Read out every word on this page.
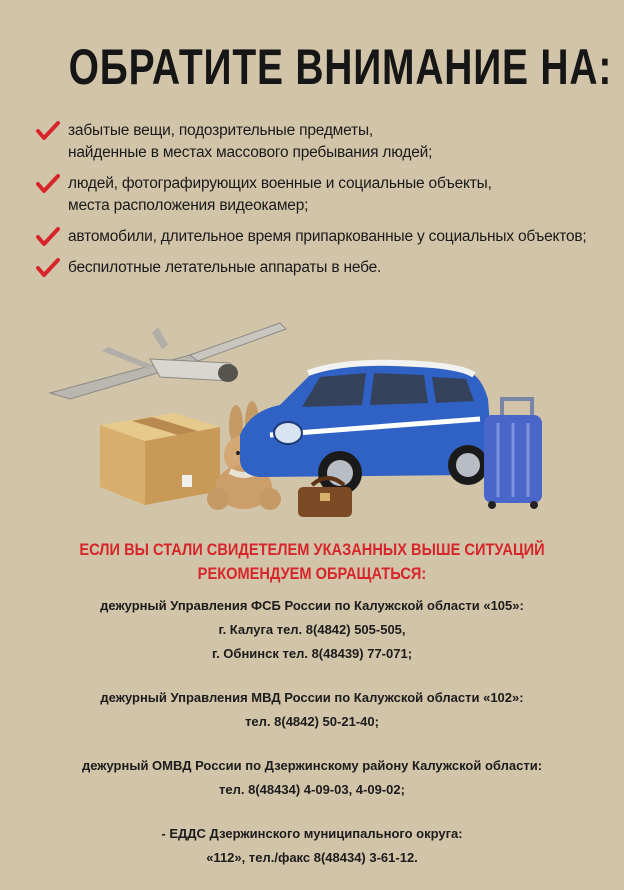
ОБРАТИТЕ ВНИМАНИЕ НА:
забытые вещи, подозрительные предметы,
найденные в местах массового пребывания людей;
людей, фотографирующих военные и социальные объекты,
места расположения видеокамер;
автомобили, длительное время припаркованные у социальных объектов;
беспилотные летательные аппараты в небе.
ЕСЛИ ВЫ СТАЛИ СВИДЕТЕЛЕМ УКАЗАННЫХ ВЫШЕ СИТУАЦИЙ
РЕКОМЕНДУЕМ ОБРАЩАТЬСЯ:
дежурный Управления ФСБ России по Калужской области «105»:
г. Калуга тел. 8(4842) 505-505,
г. Обнинск тел. 8(48439) 77-071;
дежурный Управления МВД России по Калужской области «102»:
тел. 8(4842) 50-21-40;
дежурный ОМВД России по Дзержинскому району Калужской области:
тел. 8(48434) 4-09-03, 4-09-02;
- ЕДДС Дзержинского муниципального округа:
«112», тел./факс 8(48434) 3-61-12.
